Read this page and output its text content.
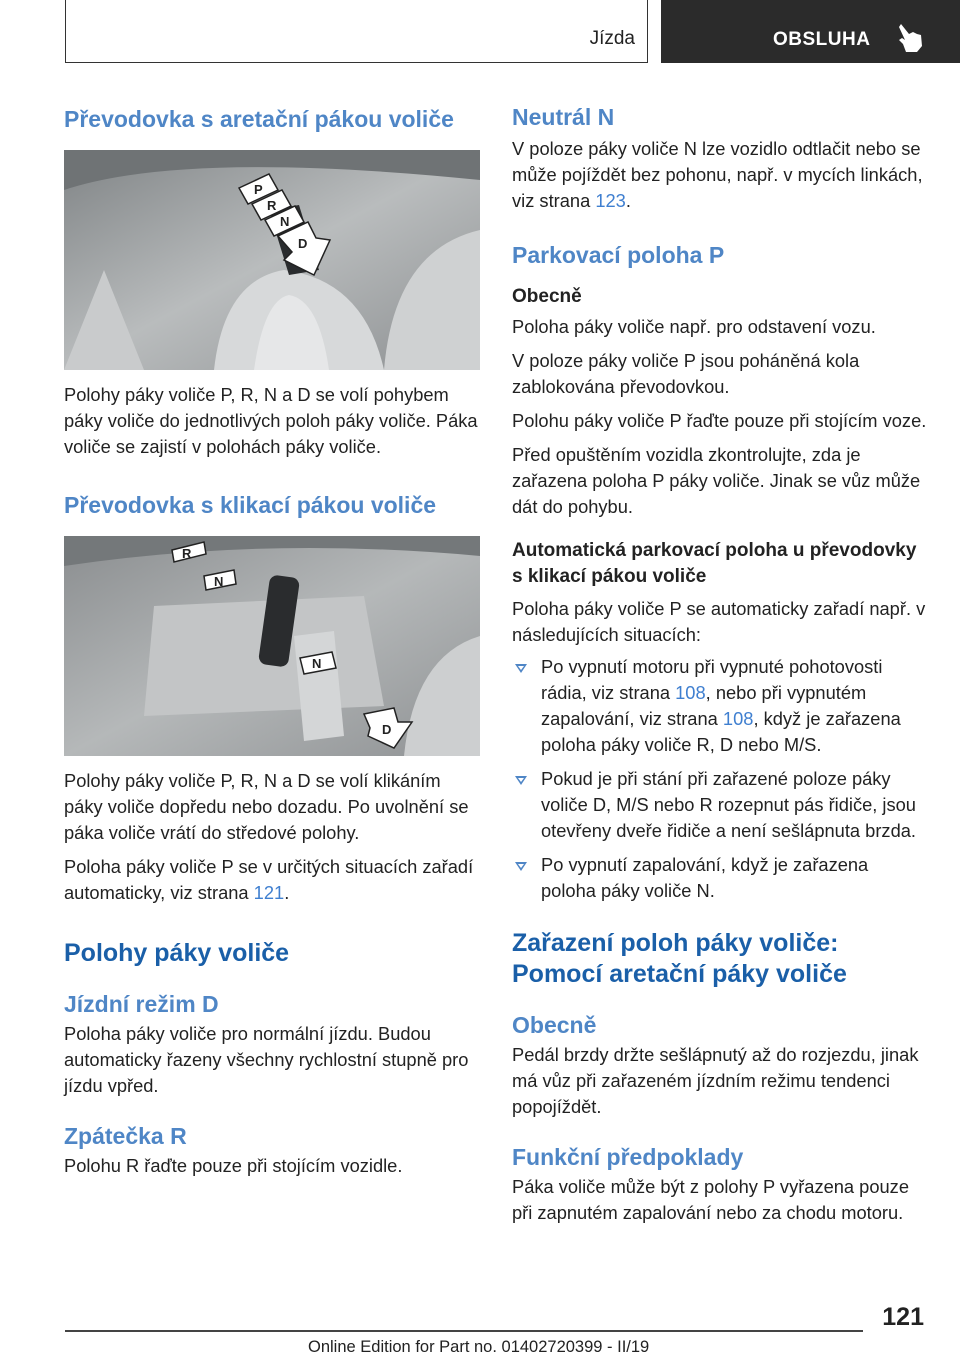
Jízda	OBSLUHA
Převodovka s aretační pákou voliče
P
R
N
D

Polohy páky voliče P, R, N a D se volí pohybem páky voliče do jednotlivých poloh páky voliče. Páka voliče se zajistí v polohách páky voliče.

Převodovka s klikací pákou voliče
R
N
N
D

Polohy páky voliče P, R, N a D se volí klikáním páky voliče dopředu nebo dozadu. Po uvolnění se páka voliče vrátí do středové polohy.

Poloha páky voliče P se v určitých situacích zařadí automaticky, viz strana 121.

Polohy páky voliče
Jízdní režim D

Poloha páky voliče pro normální jízdu. Budou automaticky řazeny všechny rychlostní stupně pro jízdu vpřed.

Zpátečka R

Polohu R řaďte pouze při stojícím vozidle.

Neutrál N

V poloze páky voliče N lze vozidlo odtlačit nebo se může pojíždět bez pohonu, např. v mycích linkách, viz strana 123.

Parkovací poloha P
Obecně

Poloha páky voliče např. pro odstavení vozu.

V poloze páky voliče P jsou poháněná kola zablokována převodovkou.

Polohu páky voliče P řaďte pouze při stojícím voze.

Před opuštěním vozidla zkontrolujte, zda je zařazena poloha P páky voliče. Jinak se vůz může dát do pohybu.

Automatická parkovací poloha u převodovky s klikací pákou voliče

Poloha páky voliče P se automaticky zařadí např. v následujících situacích:

Po vypnutí motoru při vypnuté pohotovosti rádia, viz strana 108, nebo při vypnutém zapalování, viz strana 108, když je zařazena poloha páky voliče R, D nebo M/S.
Pokud je při stání při zařazené poloze páky voliče D, M/S nebo R rozepnut pás řidiče, jsou otevřeny dveře řidiče a není sešlápnuta brzda.
Po vypnutí zapalování, když je zařazena poloha páky voliče N.
Zařazení poloh páky voliče: Pomocí aretační páky voliče
Obecně

Pedál brzdy držte sešlápnutý až do rozjezdu, jinak má vůz při zařazeném jízdním režimu tendenci popojíždět.

Funkční předpoklady

Páka voliče může být z polohy P vyřazena pouze při zapnutém zapalování nebo za chodu motoru.

121
Online Edition for Part no. 01402720399 - II/19
